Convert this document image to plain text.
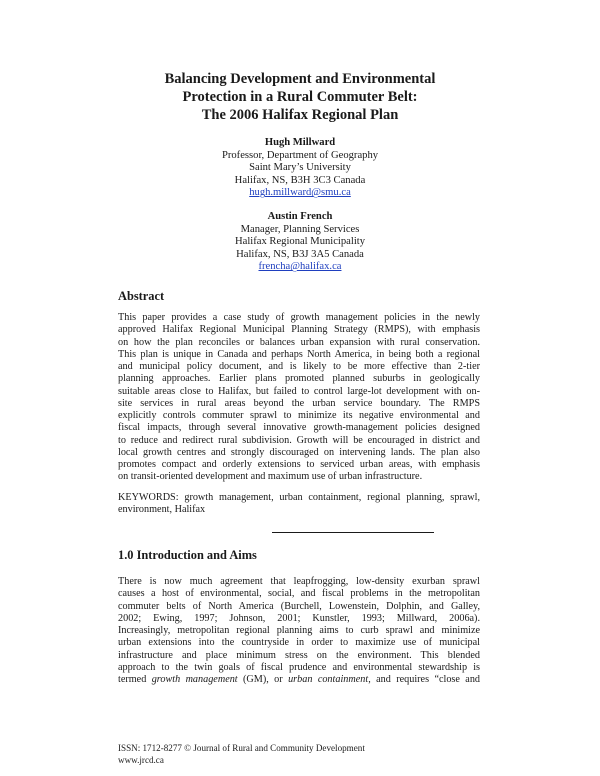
Balancing Development and Environmental
Protection in a Rural Commuter Belt:
The 2006 Halifax Regional Plan
Hugh Millward
Professor, Department of Geography
Saint Mary’s University
Halifax, NS, B3H 3C3 Canada
hugh.millward@smu.ca
Austin French
Manager, Planning Services
Halifax Regional Municipality
Halifax, NS, B3J 3A5 Canada
frencha@halifax.ca
Abstract
This paper provides a case study of growth management policies in the newly
approved Halifax Regional Municipal Planning Strategy (RMPS), with emphasis
on how the plan reconciles or balances urban expansion with rural conservation.
This plan is unique in Canada and perhaps North America, in being both a regional
and municipal policy document, and is likely to be more effective than 2-tier
planning approaches. Earlier plans promoted planned suburbs in geologically
suitable areas close to Halifax, but failed to control large-lot development with on-
site services in rural areas beyond the urban service boundary. The RMPS
explicitly controls commuter sprawl to minimize its negative environmental and
fiscal impacts, through several innovative growth-management policies designed
to reduce and redirect rural subdivision. Growth will be encouraged in district and
local growth centres and strongly discouraged on intervening lands. The plan also
promotes compact and orderly extensions to serviced urban areas, with emphasis
on transit-oriented development and maximum use of urban infrastructure.
KEYWORDS: growth management, urban containment, regional planning, sprawl,
environment, Halifax
1.0 Introduction and Aims
There is now much agreement that leapfrogging, low-density exurban sprawl
causes a host of environmental, social, and fiscal problems in the metropolitan
commuter belts of North America (Burchell, Lowenstein, Dolphin, and Galley,
2002; Ewing, 1997; Johnson, 2001; Kunstler, 1993; Millward, 2006a).
Increasingly, metropolitan regional planning aims to curb sprawl and minimize
urban extensions into the countryside in order to maximize use of municipal
infrastructure and place minimum stress on the environment. This blended
approach to the twin goals of fiscal prudence and environmental stewardship is
termed growth management (GM), or urban containment, and requires “close and
ISSN: 1712-8277 © Journal of Rural and Community Development
www.jrcd.ca
